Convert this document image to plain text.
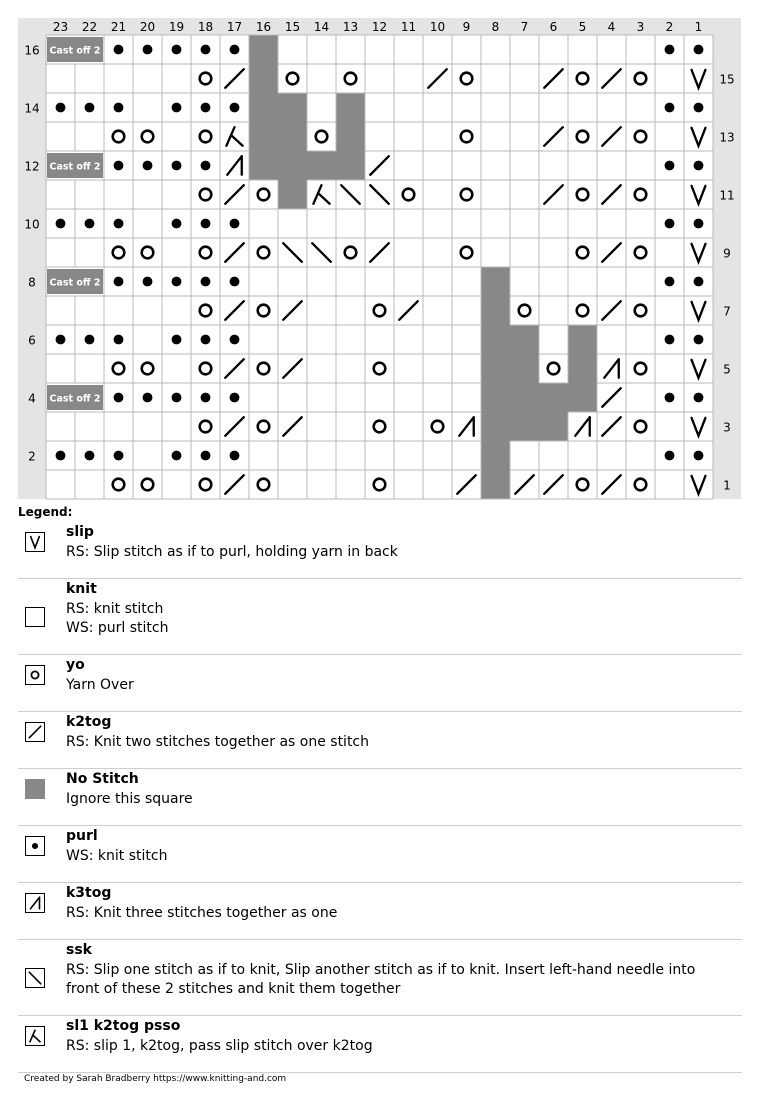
23 22 21 20 19 18 17 16 15 14 13 12 11 10 9 8 7 6 5 4 3 2 1
16
15
14
13
12
11
10
9
8
7
6
5
4
3
2
1
Cast off 2
Cast off 2
Cast off 2
Cast off 2
Legend:
slip
RS: Slip stitch as if to purl, holding yarn in back
knit
RS: knit stitch
WS: purl stitch
yo
Yarn Over
k2tog
RS: Knit two stitches together as one stitch
No Stitch
Ignore this square
purl
WS: knit stitch
k3tog
RS: Knit three stitches together as one
ssk
RS: Slip one stitch as if to knit, Slip another stitch as if to knit. Insert left-hand needle into front of these 2 stitches and knit them together
sl1 k2tog psso
RS: slip 1, k2tog, pass slip stitch over k2tog
Created by Sarah Bradberry https://www.knitting-and.com
